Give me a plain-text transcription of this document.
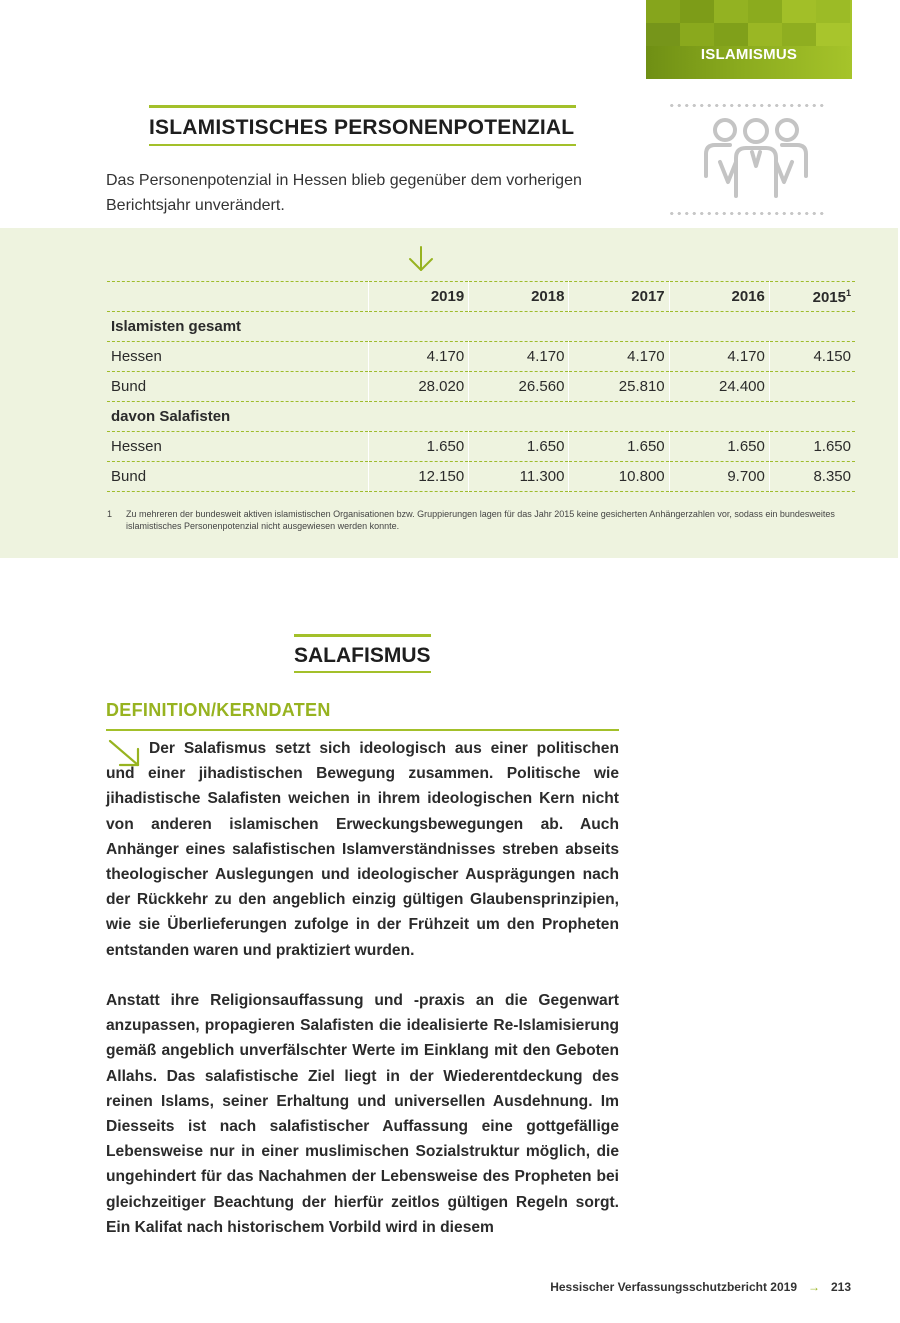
ISLAMISMUS
ISLAMISTISCHES PERSONENPOTENZIAL
Das Personenpotenzial in Hessen blieb gegenüber dem vorherigen Berichtsjahr unverändert.
	2019	2018	2017	2016	2015$^1$
Islamisten gesamt					
Hessen	4.170	4.170	4.170	4.170	4.150
Bund	28.020	26.560	25.810	24.400	
davon Salafisten					
Hessen	1.650	1.650	1.650	1.650	1.650
Bund	12.150	11.300	10.800	9.700	8.350
1 Zu mehreren der bundesweit aktiven islamistischen Organisationen bzw. Gruppierungen lagen für das Jahr 2015 keine gesicherten Anhängerzahlen vor, sodass ein bundesweites islamistisches Personenpotenzial nicht ausgewiesen werden konnte.
SALAFISMUS
DEFINITION/KERNDATEN
Der Salafismus setzt sich ideologisch aus einer politischen und einer jihadistischen Bewegung zusammen. Politische wie jihadistische Salafisten weichen in ihrem ideologischen Kern nicht von anderen islamischen Erweckungsbewegungen ab. Auch Anhänger eines salafistischen Islamverständnisses streben abseits theologischer Auslegungen und ideologischer Ausprägungen nach der Rückkehr zu den angeblich einzig gültigen Glaubensprinzipien, wie sie Überlieferungen zufolge in der Frühzeit um den Propheten entstanden waren und praktiziert wurden.
Anstatt ihre Religionsauffassung und -praxis an die Gegenwart anzupassen, propagieren Salafisten die idealisierte Re-Islamisierung gemäß angeblich unverfälschter Werte im Einklang mit den Geboten Allahs. Das salafistische Ziel liegt in der Wiederentdeckung des reinen Islams, seiner Erhaltung und universellen Ausdehnung. Im Diesseits ist nach salafistischer Auffassung eine gottgefällige Lebensweise nur in einer muslimischen Sozialstruktur möglich, die ungehindert für das Nachahmen der Lebensweise des Propheten bei gleichzeitiger Beachtung der hierfür zeitlos gültigen Regeln sorgt. Ein Kalifat nach historischem Vorbild wird in diesem
Hessischer Verfassungsschutzbericht 2019 → 213
